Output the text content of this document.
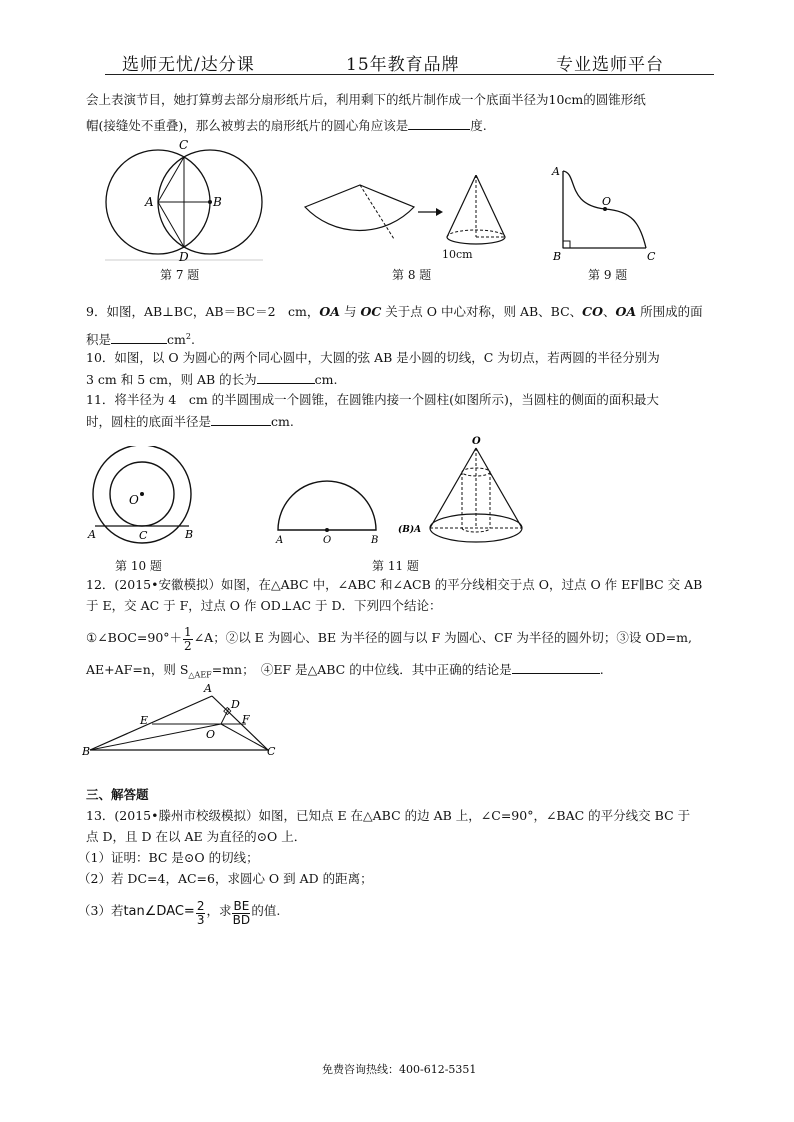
选师无忧/达分课	15年教育品牌	专业选师平台
会上表演节目，她打算剪去部分扇形纸片后，利用剩下的纸片制作成一个底面半径为10cm的圆锥形纸
帽(接缝处不重叠)，那么被剪去的扇形纸片的圆心角应该是	度.
C
A	B
D
第 7 题
10cm
第 8 题
A
O
B	C
第 9 题
9．如图，AB⊥BC，AB＝BC＝2　cm，OA 与 OC 关于点 O 中心对称，则 AB、BC、CO、OA 所围成的面
积是	$cm^2$.
10．如图，以 O 为圆心的两个同心圆中，大圆的弦 AB 是小圆的切线，C 为切点，若两圆的半径分别为
3 cm 和 5 cm，则 AB 的长为	cm.
11．将半径为 4　cm 的半圆围成一个圆锥，在圆锥内接一个圆柱(如图所示)，当圆柱的侧面的面积最大
时，圆柱的底面半径是	cm.
O
A	C	B
第 10 题
A	O	B
第 11 题
O
(B)A
12．(2015•安徽模拟）如图，在△ABC 中，∠ABC 和∠ACB 的平分线相交于点 O，过点 O 作 EF∥BC 交 AB
于 E，交 AC 于 F，过点 O 作 OD⊥AC 于 D．下列四个结论：
①∠BOC=90°＋ $\frac{1}{2}$ ∠A；②以 E 为圆心、BE 为半径的圆与以 F 为圆心、CF 为半径的圆外切；③设 OD=m,
AE+AF=n，则 $S_{\triangle AEF}=mn$；　④EF 是△ABC 的中位线．其中正确的结论是	.
A
D
E	F
O
B	C
三、解答题
13．(2015•滕州市校级模拟）如图，已知点 E 在△ABC 的边 AB 上，∠C=90°，∠BAC 的平分线交 BC 于
点 D，且 D 在以 AE 为直径的⊙O 上．
（1）证明：BC 是⊙O 的切线；
（2）若 DC=4，AC=6，求圆心 O 到 AD 的距离；
（3）若tan∠DAC= $\frac{2}{3}$ ，求 $\frac{BE}{BD}$ 的值.
免费咨询热线：400-612-5351
